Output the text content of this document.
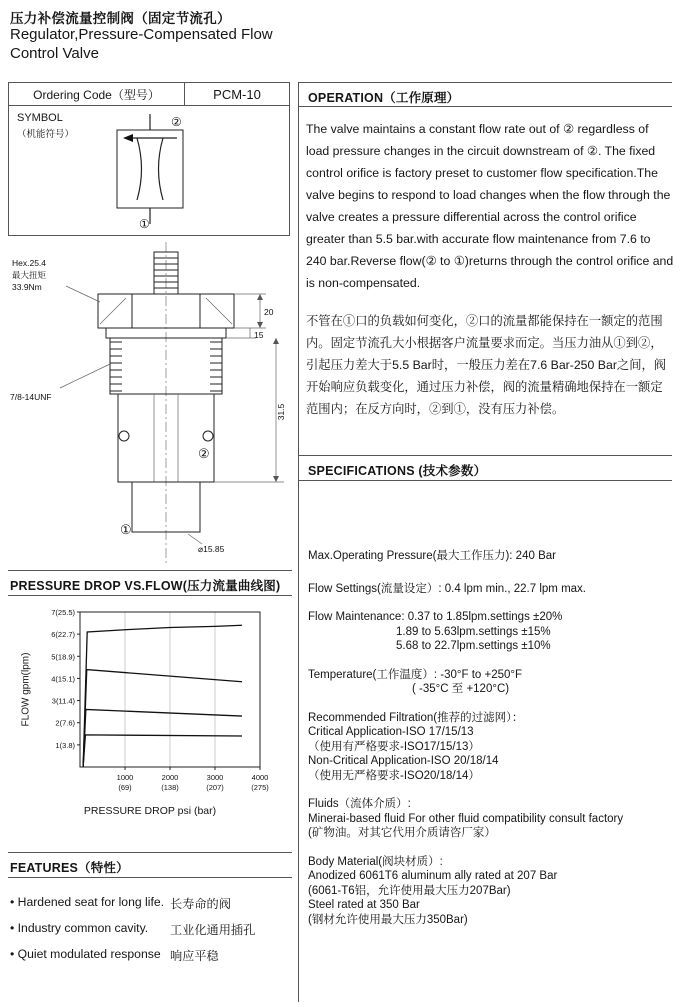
压力补偿流量控制阀（固定节流孔）
Regulator,Pressure-Compensated Flow
Control Valve
Ordering Code（型号）	PCM-10
SYMBOL
（机能符号）
②
①
Hex.25.4
最大扭矩
33.9Nm
7/8-14UNF
20
15
31.5
⌀15.85
②
①
PRESSURE DROP VS.FLOW(压力流量曲线图)
FLOW gpm(lpm)
1(3.8)
2(7.6)
3(11.4)
4(15.1)
5(18.9)
6(22.7)
7(25.5)
1000
(69)
2000
(138)
3000
(207)
4000
(275)
PRESSURE DROP psi (bar)
FEATURES（特性）
• Hardened seat for long life. 长寿命的阀
• Industry common cavity.	工业化通用插孔
• Quiet modulated response 响应平稳
OPERATION（工作原理）
The valve maintains a constant flow rate out of ② regardless of load pressure changes in the circuit downstream of ②. The fixed control orifice is factory preset to customer flow specification.The valve begins to respond to load changes when the flow through the valve creates a pressure differential across the control orifice greater than 5.5 bar.with accurate flow maintenance from 7.6 to 240 bar.Reverse flow(② to ①)returns through the control orifice and is non-compensated.
不管在①口的负载如何变化，②口的流量都能保持在一额定的范围内。固定节流孔大小根据客户流量要求而定。当压力油从①到②，引起压力差大于5.5 Bar时，一般压力差在7.6 Bar-250 Bar之间，阀开始响应负载变化，通过压力补偿，阀的流量精确地保持在一额定范围内；在反方向时，②到①，没有压力补偿。
SPECIFICATIONS (技术参数）
Max.Operating Pressure(最大工作压力): 240 Bar
Flow Settings(流量设定）: 0.4 lpm min., 22.7 lpm max.
Flow Maintenance: 0.37 to 1.85lpm.settings ±20%
1.89 to 5.63lpm.settings ±15%
5.68 to 22.7lpm.settings ±10%
Temperature(工作温度）: -30°F to +250°F
( -35°C 至 +120°C)
Recommended Filtration(推荐的过滤网）：
Critical Application-ISO 17/15/13
（使用有严格要求-ISO17/15/13）
Non-Critical Application-ISO 20/18/14
（使用无严格要求-ISO20/18/14）
Fluids（流体介质）:
Minerai-based fluid For other fluid compatibility consult factory
(矿物油。对其它代用介质请咨厂家）
Body Material(阀块材质）:
Anodized 6061T6 aluminum ally rated at 207 Bar
(6061-T6铝，允许使用最大压力207Bar)
Steel rated at 350 Bar
(钢材允许使用最大压力350Bar)
